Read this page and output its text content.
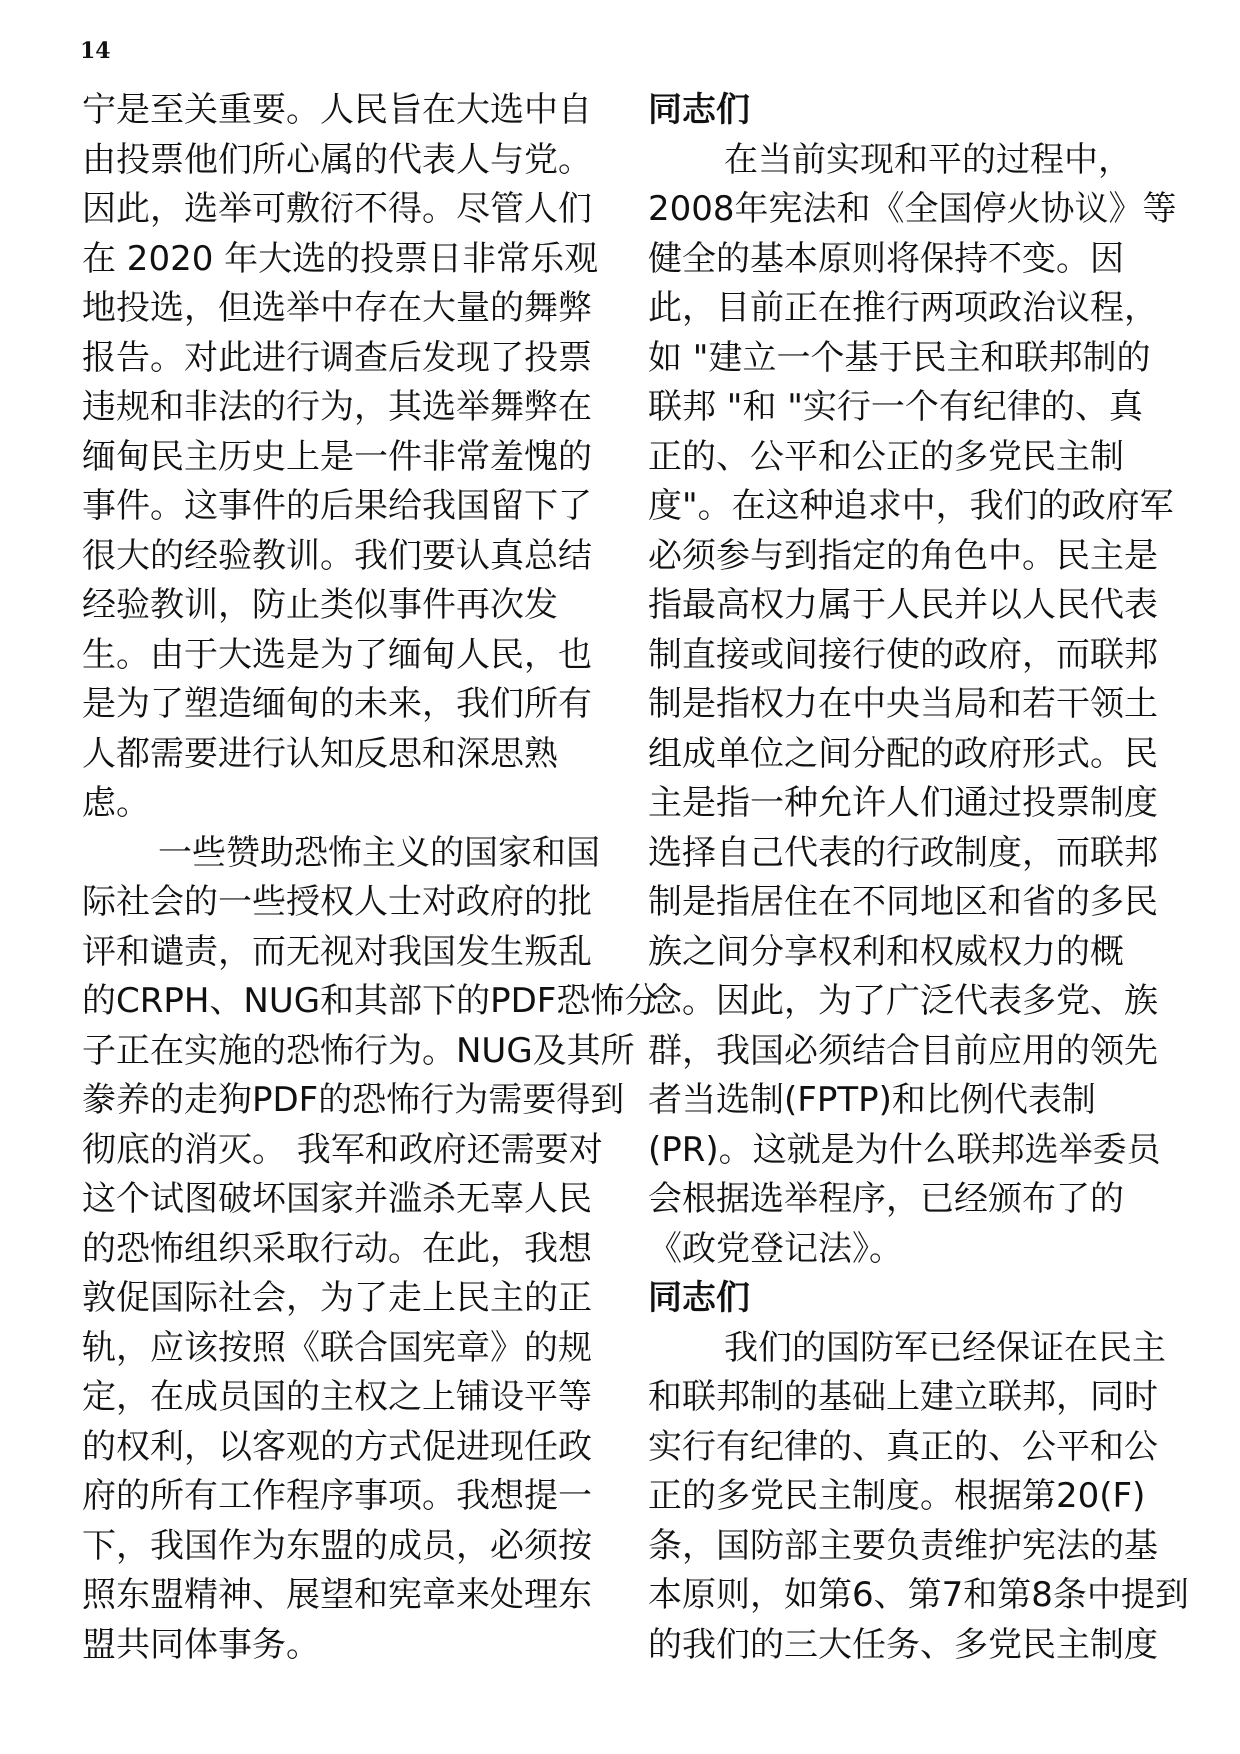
14
宁是至关重要。人民旨在大选中自
由投票他们所心属的代表人与党。
因此，选举可敷衍不得。尽管人们
在 2020 年大选的投票日非常乐观
地投选，但选举中存在大量的舞弊
报告。对此进行调查后发现了投票
违规和非法的行为，其选举舞弊在
缅甸民主历史上是一件非常羞愧的
事件。这事件的后果给我国留下了
很大的经验教训。我们要认真总结
经验教训，防止类似事件再次发
生。由于大选是为了缅甸人民，也
是为了塑造缅甸的未来，我们所有
人都需要进行认知反思和深思熟
虑。
一些赞助恐怖主义的国家和国
际社会的一些授权人士对政府的批
评和谴责，而无视对我国发生叛乱
的CRPH、NUG和其部下的PDF恐怖分
子正在实施的恐怖行为。NUG及其所
豢养的走狗PDF的恐怖行为需要得到
彻底的消灭。 我军和政府还需要对
这个试图破坏国家并滥杀无辜人民
的恐怖组织采取行动。在此，我想
敦促国际社会，为了走上民主的正
轨，应该按照《联合国宪章》的规
定，在成员国的主权之上铺设平等
的权利，以客观的方式促进现任政
府的所有工作程序事项。我想提一
下，我国作为东盟的成员，必须按
照东盟精神、展望和宪章来处理东
盟共同体事务。
同志们
在当前实现和平的过程中，
2008年宪法和《全国停火协议》等
健全的基本原则将保持不变。因
此，目前正在推行两项政治议程，
如 "建立一个基于民主和联邦制的
联邦 "和 "实行一个有纪律的、真
正的、公平和公正的多党民主制
度"。在这种追求中，我们的政府军
必须参与到指定的角色中。民主是
指最高权力属于人民并以人民代表
制直接或间接行使的政府，而联邦
制是指权力在中央当局和若干领土
组成单位之间分配的政府形式。民
主是指一种允许人们通过投票制度
选择自己代表的行政制度，而联邦
制是指居住在不同地区和省的多民
族之间分享权利和权威权力的概
念。因此，为了广泛代表多党、族
群，我国必须结合目前应用的领先
者当选制(FPTP)和比例代表制
(PR)。这就是为什么联邦选举委员
会根据选举程序，已经颁布了的
《政党登记法》。
同志们
我们的国防军已经保证在民主
和联邦制的基础上建立联邦，同时
实行有纪律的、真正的、公平和公
正的多党民主制度。根据第20(F)
条，国防部主要负责维护宪法的基
本原则，如第6、第7和第8条中提到
的我们的三大任务、多党民主制度
